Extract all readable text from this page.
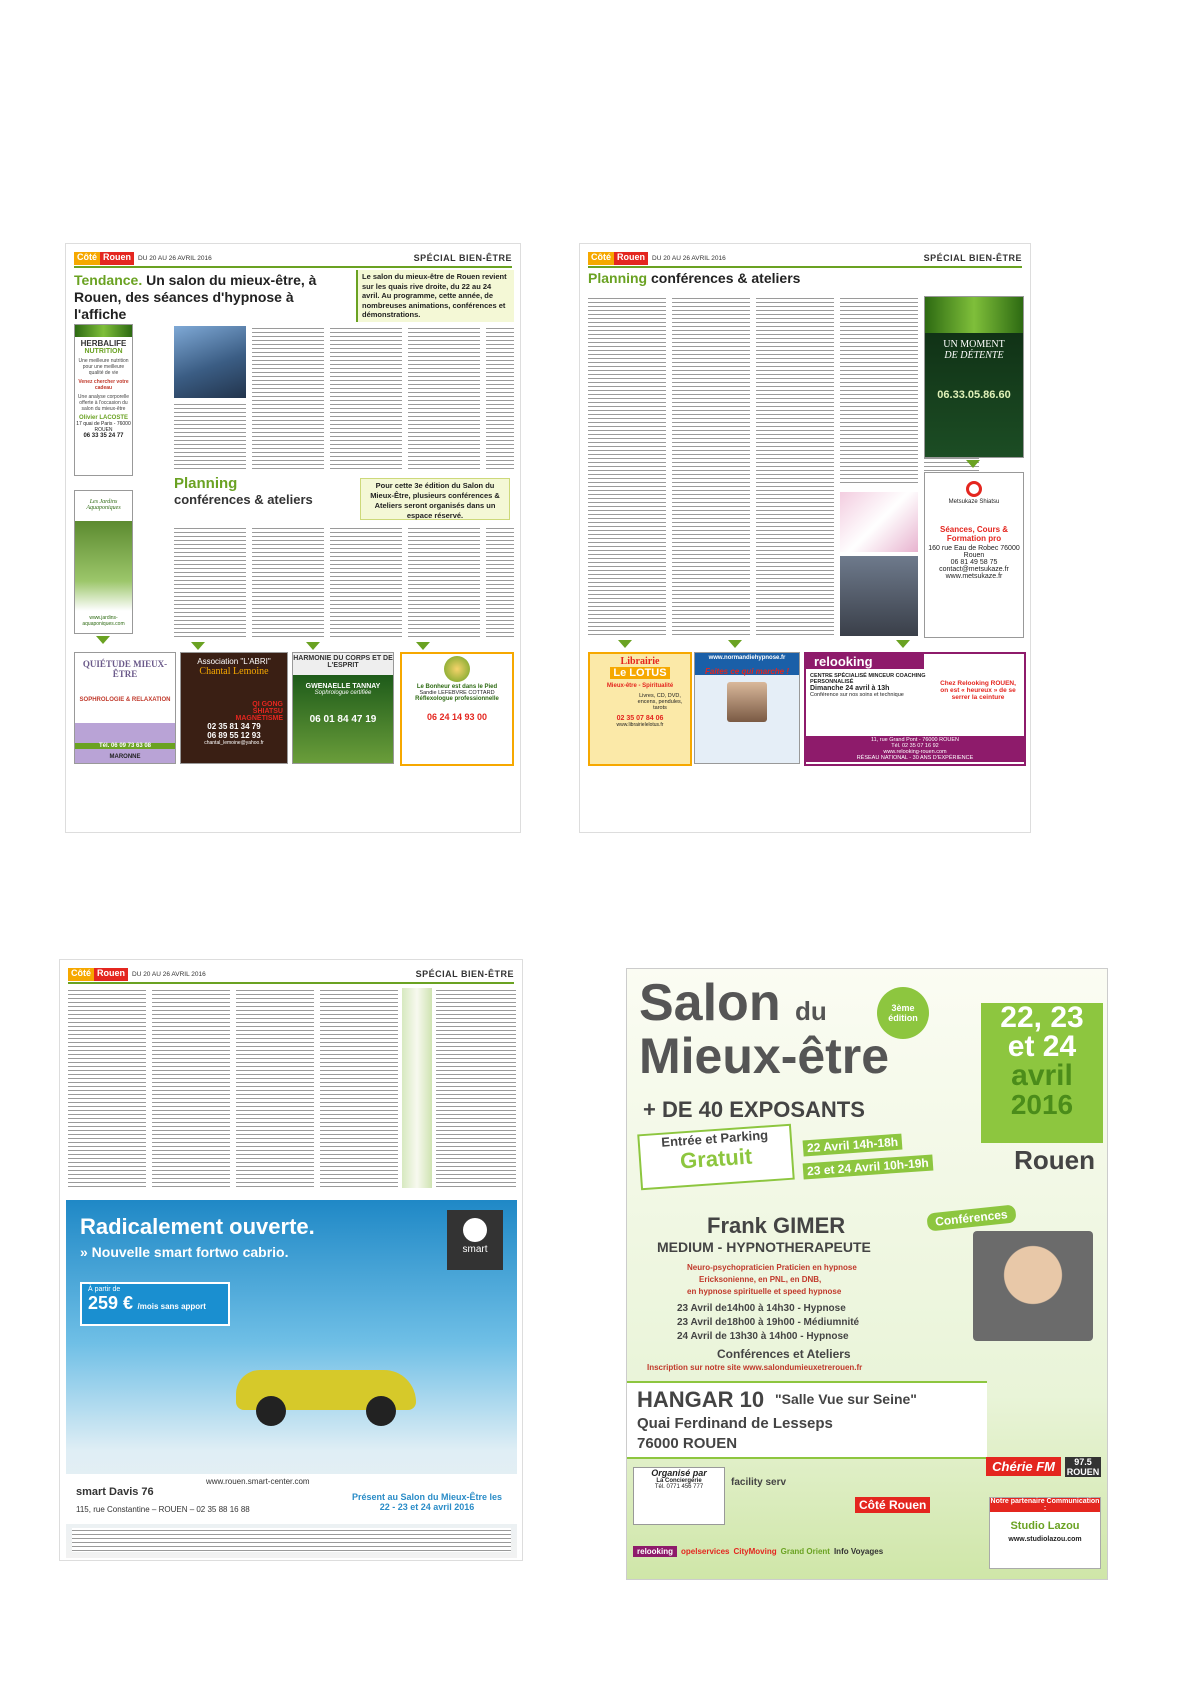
Côté Rouen	DU 20 AU 26 AVRIL 2016	SPÉCIAL BIEN-ÊTRE
Tendance. Un salon du mieux-être, à Rouen, des séances d'hypnose à l'affiche
Le salon du mieux-être de Rouen revient sur les quais rive droite, du 22 au 24 avril. Au programme, cette année, de nombreuses animations, conférences et démonstrations.
HERBALIFE
NUTRITION
Une meilleure nutrition pour une meilleure qualité de vie
Venez chercher votre cadeau
Une analyse corporelle offerte à l'occasion du salon du mieux-être
Olivier LACOSTE
17 quai de Paris - 76000 ROUEN
06 33 35 24 77
Les Jardins Aquaponiques
www.jardins-aquaponiques.com
Planning
conférences & ateliers
Pour cette 3e édition du Salon du Mieux-Être, plusieurs conférences & Ateliers seront organisés dans un espace réservé.
QUIÉTUDE MIEUX-ÊTRE
SOPHROLOGIE & RELAXATION
Tél. 06 09 73 63 08
MARONNE
Association "L'ABRI"
Chantal Lemoine
QI GONG SHIATSU MAGNÉTISME
02 35 81 34 79
06 89 55 12 93
chantal_lemoine@yahoo.fr
HARMONIE DU CORPS ET DE L'ESPRIT
GWENAELLE TANNAY
Sophrologue certifiée
06 01 84 47 19
Le Bonheur est dans le Pied
Sandie LEFEBVRE COTTARD
Réflexologue professionnelle
06 24 14 93 00
Côté Rouen	DU 20 AU 26 AVRIL 2016	SPÉCIAL BIEN-ÊTRE
Planning conférences & ateliers
UN MOMENT
DE DÉTENTE
06.33.05.86.60
Metsukaze Shiatsu
Séances, Cours & Formation pro
160 rue Eau de Robec 76000 Rouen
06 81 49 58 75
contact@metsukaze.fr
www.metsukaze.fr
Librairie
Le LOTUS
Mieux-être - Spiritualité
Livres, CD, DVD, encens, pendules, tarots
02 35 07 84 06
www.librairielelotus.fr
www.normandiehypnose.fr
Faites ce qui marche !
relooking
CENTRE SPÉCIALISÉ MINCEUR COACHING PERSONNALISÉ
Dimanche 24 avril à 13h
Conférence sur nos soins et technique
Chez Relooking ROUEN, on est « heureux » de se serrer la ceinture
11, rue Grand Pont - 76000 ROUEN
Tél. 02 35 07 16 92
www.relooking-rouen.com
RÉSEAU NATIONAL - 30 ANS D'EXPÉRIENCE
Côté Rouen	DU 20 AU 26 AVRIL 2016	SPÉCIAL BIEN-ÊTRE
Radicalement ouverte.
» Nouvelle smart fortwo cabrio.	smart
À partir de
259 € /mois sans apport
smart Davis 76
www.rouen.smart-center.com
115, rue Constantine – ROUEN – 02 35 88 16 88
Présent au Salon du Mieux-Être les 22 - 23 et 24 avril 2016
Salon du
Mieux-être
3ème édition	22, 23
et 24
avril
2016
Rouen
+ DE 40 EXPOSANTS
Entrée et Parking
Gratuit	22 Avril 14h-18h
23 et 24 Avril 10h-19h
Frank GIMER
MEDIUM - HYPNOTHERAPEUTE
Conférences
Neuro-psychopraticien Praticien en hypnose
Ericksonienne, en PNL, en DNB,
en hypnose spirituelle et speed hypnose
23 Avril de14h00 à 14h30 - Hypnose
23 Avril de18h00 à 19h00 - Médiumnité
24 Avril de 13h30 à 14h00 - Hypnose
Conférences et Ateliers
Inscription sur notre site www.salondumieuxetrerouen.fr
HANGAR 10 "Salle Vue sur Seine"
Quai Ferdinand de Lesseps
76000 ROUEN
Organisé par
La Conciergerie
Tél. 0771 456 777	facility serv
Côté Rouen
Chérie FM	97.5 ROUEN
Notre partenaire Communication :
Studio Lazou
www.studiolazou.com
relooking	opelservices CityMoving Grand Orient Info Voyages
